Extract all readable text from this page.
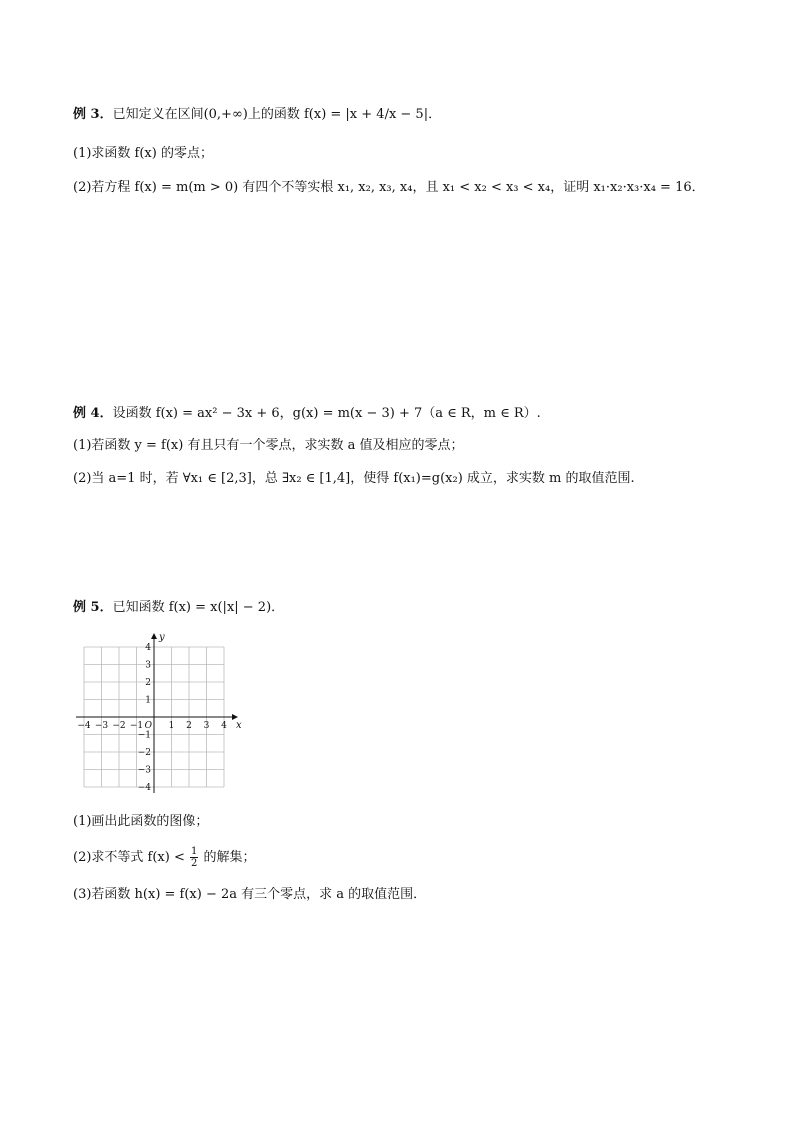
例 3．已知定义在区间(0,+∞)上的函数 f(x) = |x + 4/x − 5|．
(1)求函数 f(x) 的零点；
(2)若方程 f(x) = m(m > 0) 有四个不等实根 x₁, x₂, x₃, x₄，且 x₁ < x₂ < x₃ < x₄，证明 x₁·x₂·x₃·x₄ = 16．
例 4．设函数 f(x) = ax² − 3x + 6，g(x) = m(x − 3) + 7（a ∈ R，m ∈ R）.
(1)若函数 y = f(x) 有且只有一个零点，求实数 a 值及相应的零点；
(2)当 a=1 时，若 ∀x₁ ∈ [2,3]，总 ∃x₂ ∈ [1,4]，使得 f(x₁)=g(x₂) 成立，求实数 m 的取值范围.
例 5．已知函数 f(x) = x(|x| − 2)．
−4 −3 −2 −1	1 2 3 4
4
3
2
1
−1
−2
−3
−4
O	x
y
(1)画出此函数的图像；
(2)求不等式 $f(x) < \frac{1}{2}$ 的解集；
(3)若函数 h(x) = f(x) − 2a 有三个零点，求 a 的取值范围．
